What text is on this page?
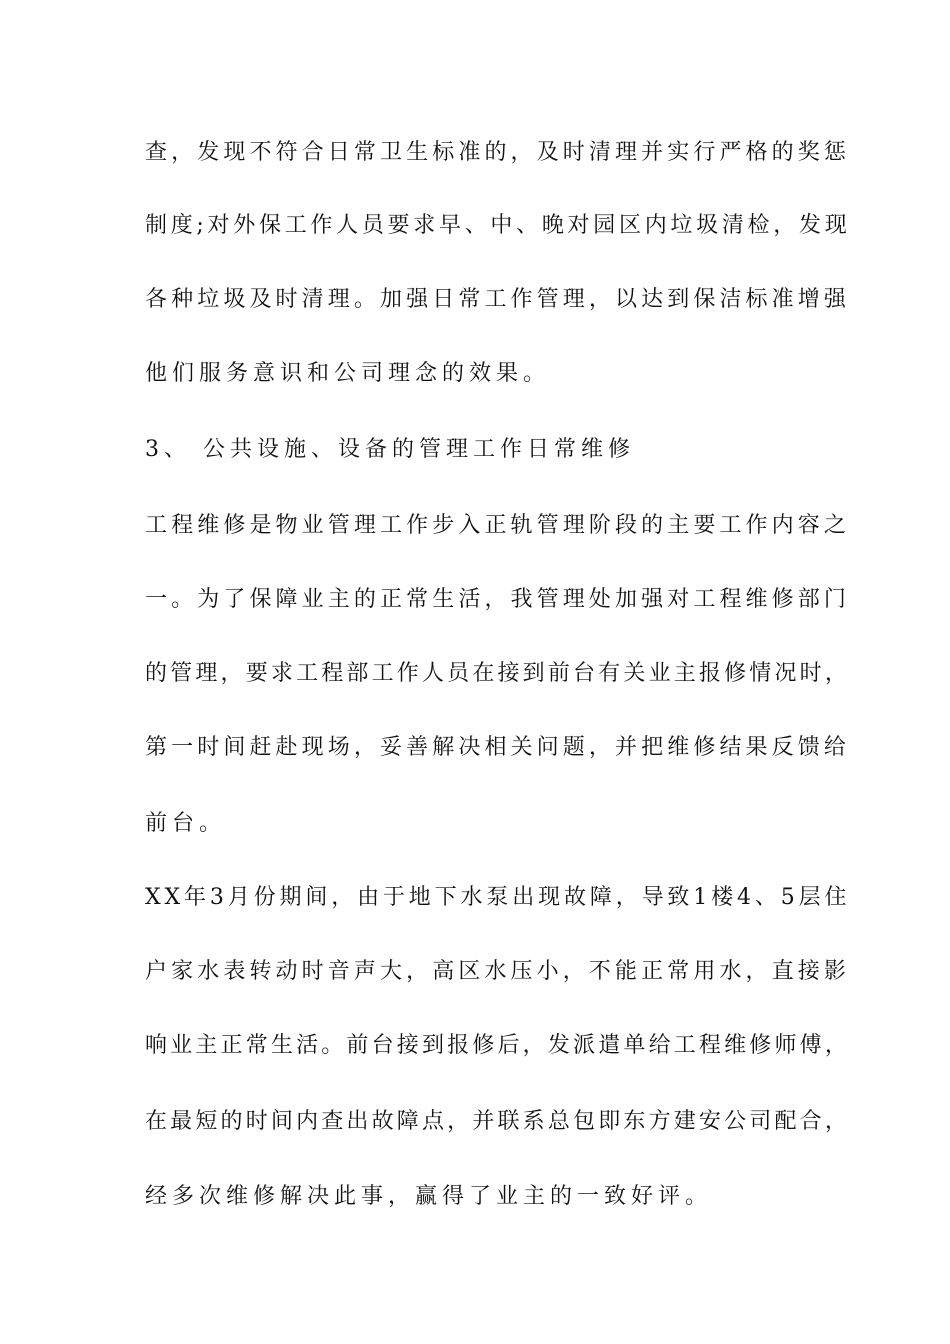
查，发现不符合日常卫生标准的，及时清理并实行严格的奖惩
制度;对外保工作人员要求早、中、晚对园区内垃圾清检，发现
各种垃圾及时清理。加强日常工作管理，以达到保洁标准增强
他们服务意识和公司理念的效果。
3、 公共设施、设备的管理工作日常维修
工程维修是物业管理工作步入正轨管理阶段的主要工作内容之
一。为了保障业主的正常生活，我管理处加强对工程维修部门
的管理，要求工程部工作人员在接到前台有关业主报修情况时，
第一时间赶赴现场，妥善解决相关问题，并把维修结果反馈给
前台。
XX年3月份期间，由于地下水泵出现故障，导致1楼4、5层住
户家水表转动时音声大，高区水压小，不能正常用水，直接影
响业主正常生活。前台接到报修后，发派遣单给工程维修师傅，
在最短的时间内查出故障点，并联系总包即东方建安公司配合，
经多次维修解决此事，赢得了业主的一致好评。
